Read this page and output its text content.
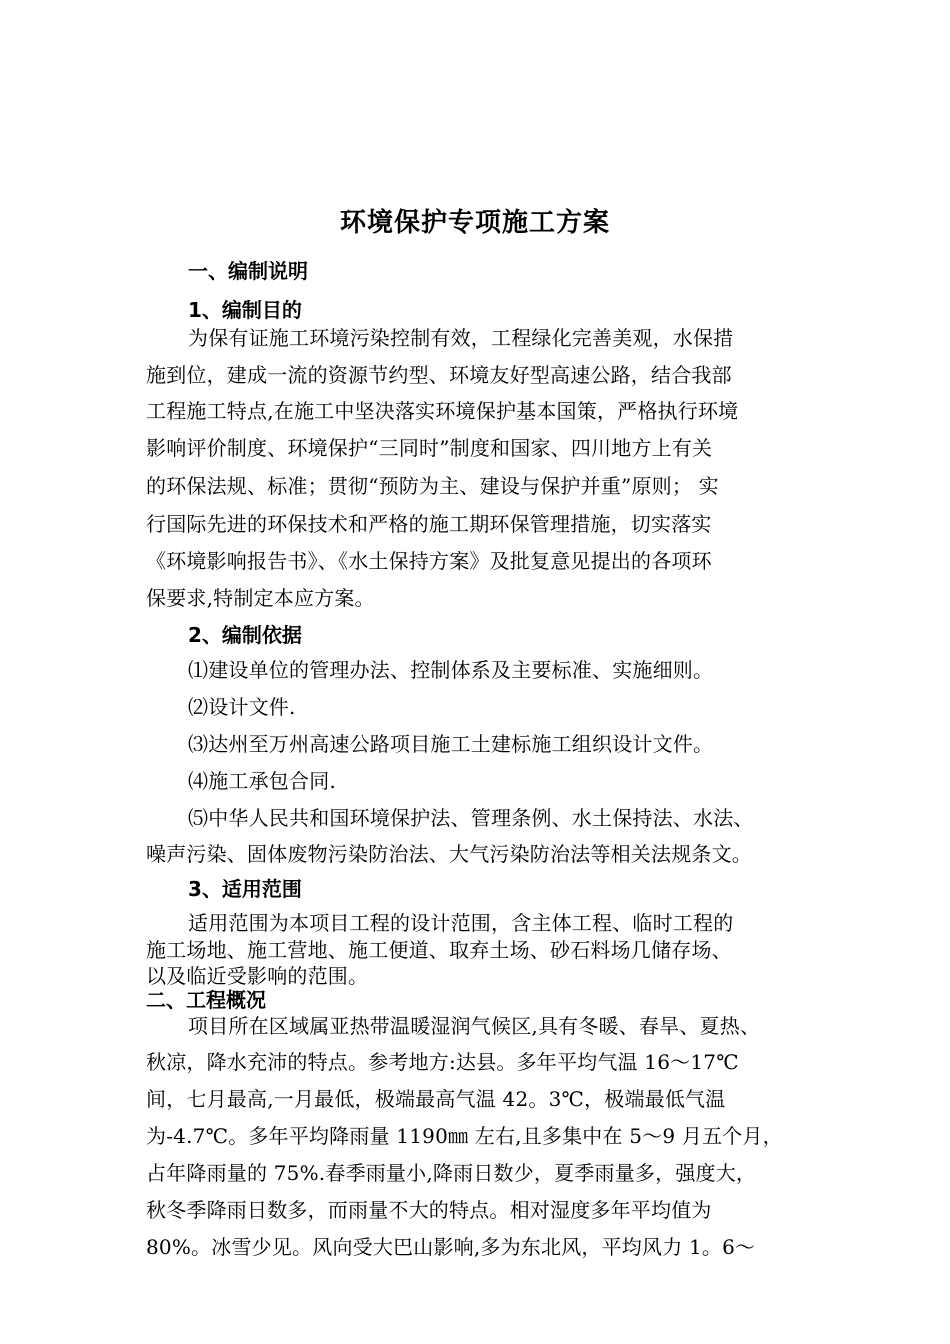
环境保护专项施工方案
一、编制说明
1、编制目的
为保有证施工环境污染控制有效，工程绿化完善美观，水保措
施到位，建成一流的资源节约型、环境友好型高速公路，结合我部
工程施工特点,在施工中坚决落实环境保护基本国策，严格执行环境
影响评价制度、环境保护“三同时”制度和国家、四川地方上有关
的环保法规、标准；贯彻“预防为主、建设与保护并重”原则； 实
行国际先进的环保技术和严格的施工期环保管理措施，切实落实
《环境影响报告书》、《水土保持方案》及批复意见提出的各项环
保要求,特制定本应方案。
2、编制依据
⑴建设单位的管理办法、控制体系及主要标准、实施细则。
⑵设计文件.
⑶达州至万州高速公路项目施工土建标施工组织设计文件。
⑷施工承包合同.
⑸中华人民共和国环境保护法、管理条例、水土保持法、水法、
噪声污染、固体废物污染防治法、大气污染防治法等相关法规条文。
3、适用范围
适用范围为本项目工程的设计范围，含主体工程、临时工程的
施工场地、施工营地、施工便道、取弃土场、砂石料场几储存场、
以及临近受影响的范围。
二、工程概况
项目所在区域属亚热带温暖湿润气候区,具有冬暖、春旱、夏热、
秋凉，降水充沛的特点。参考地方:达县。多年平均气温 16～17℃
间，七月最高,一月最低，极端最高气温 42。3℃，极端最低气温
为-4.7℃。多年平均降雨量 1190㎜ 左右,且多集中在 5～9 月五个月，
占年降雨量的 75%.春季雨量小,降雨日数少，夏季雨量多，强度大，
秋冬季降雨日数多，而雨量不大的特点。相对湿度多年平均值为
80%。冰雪少见。风向受大巴山影响,多为东北风，平均风力 1。6～
